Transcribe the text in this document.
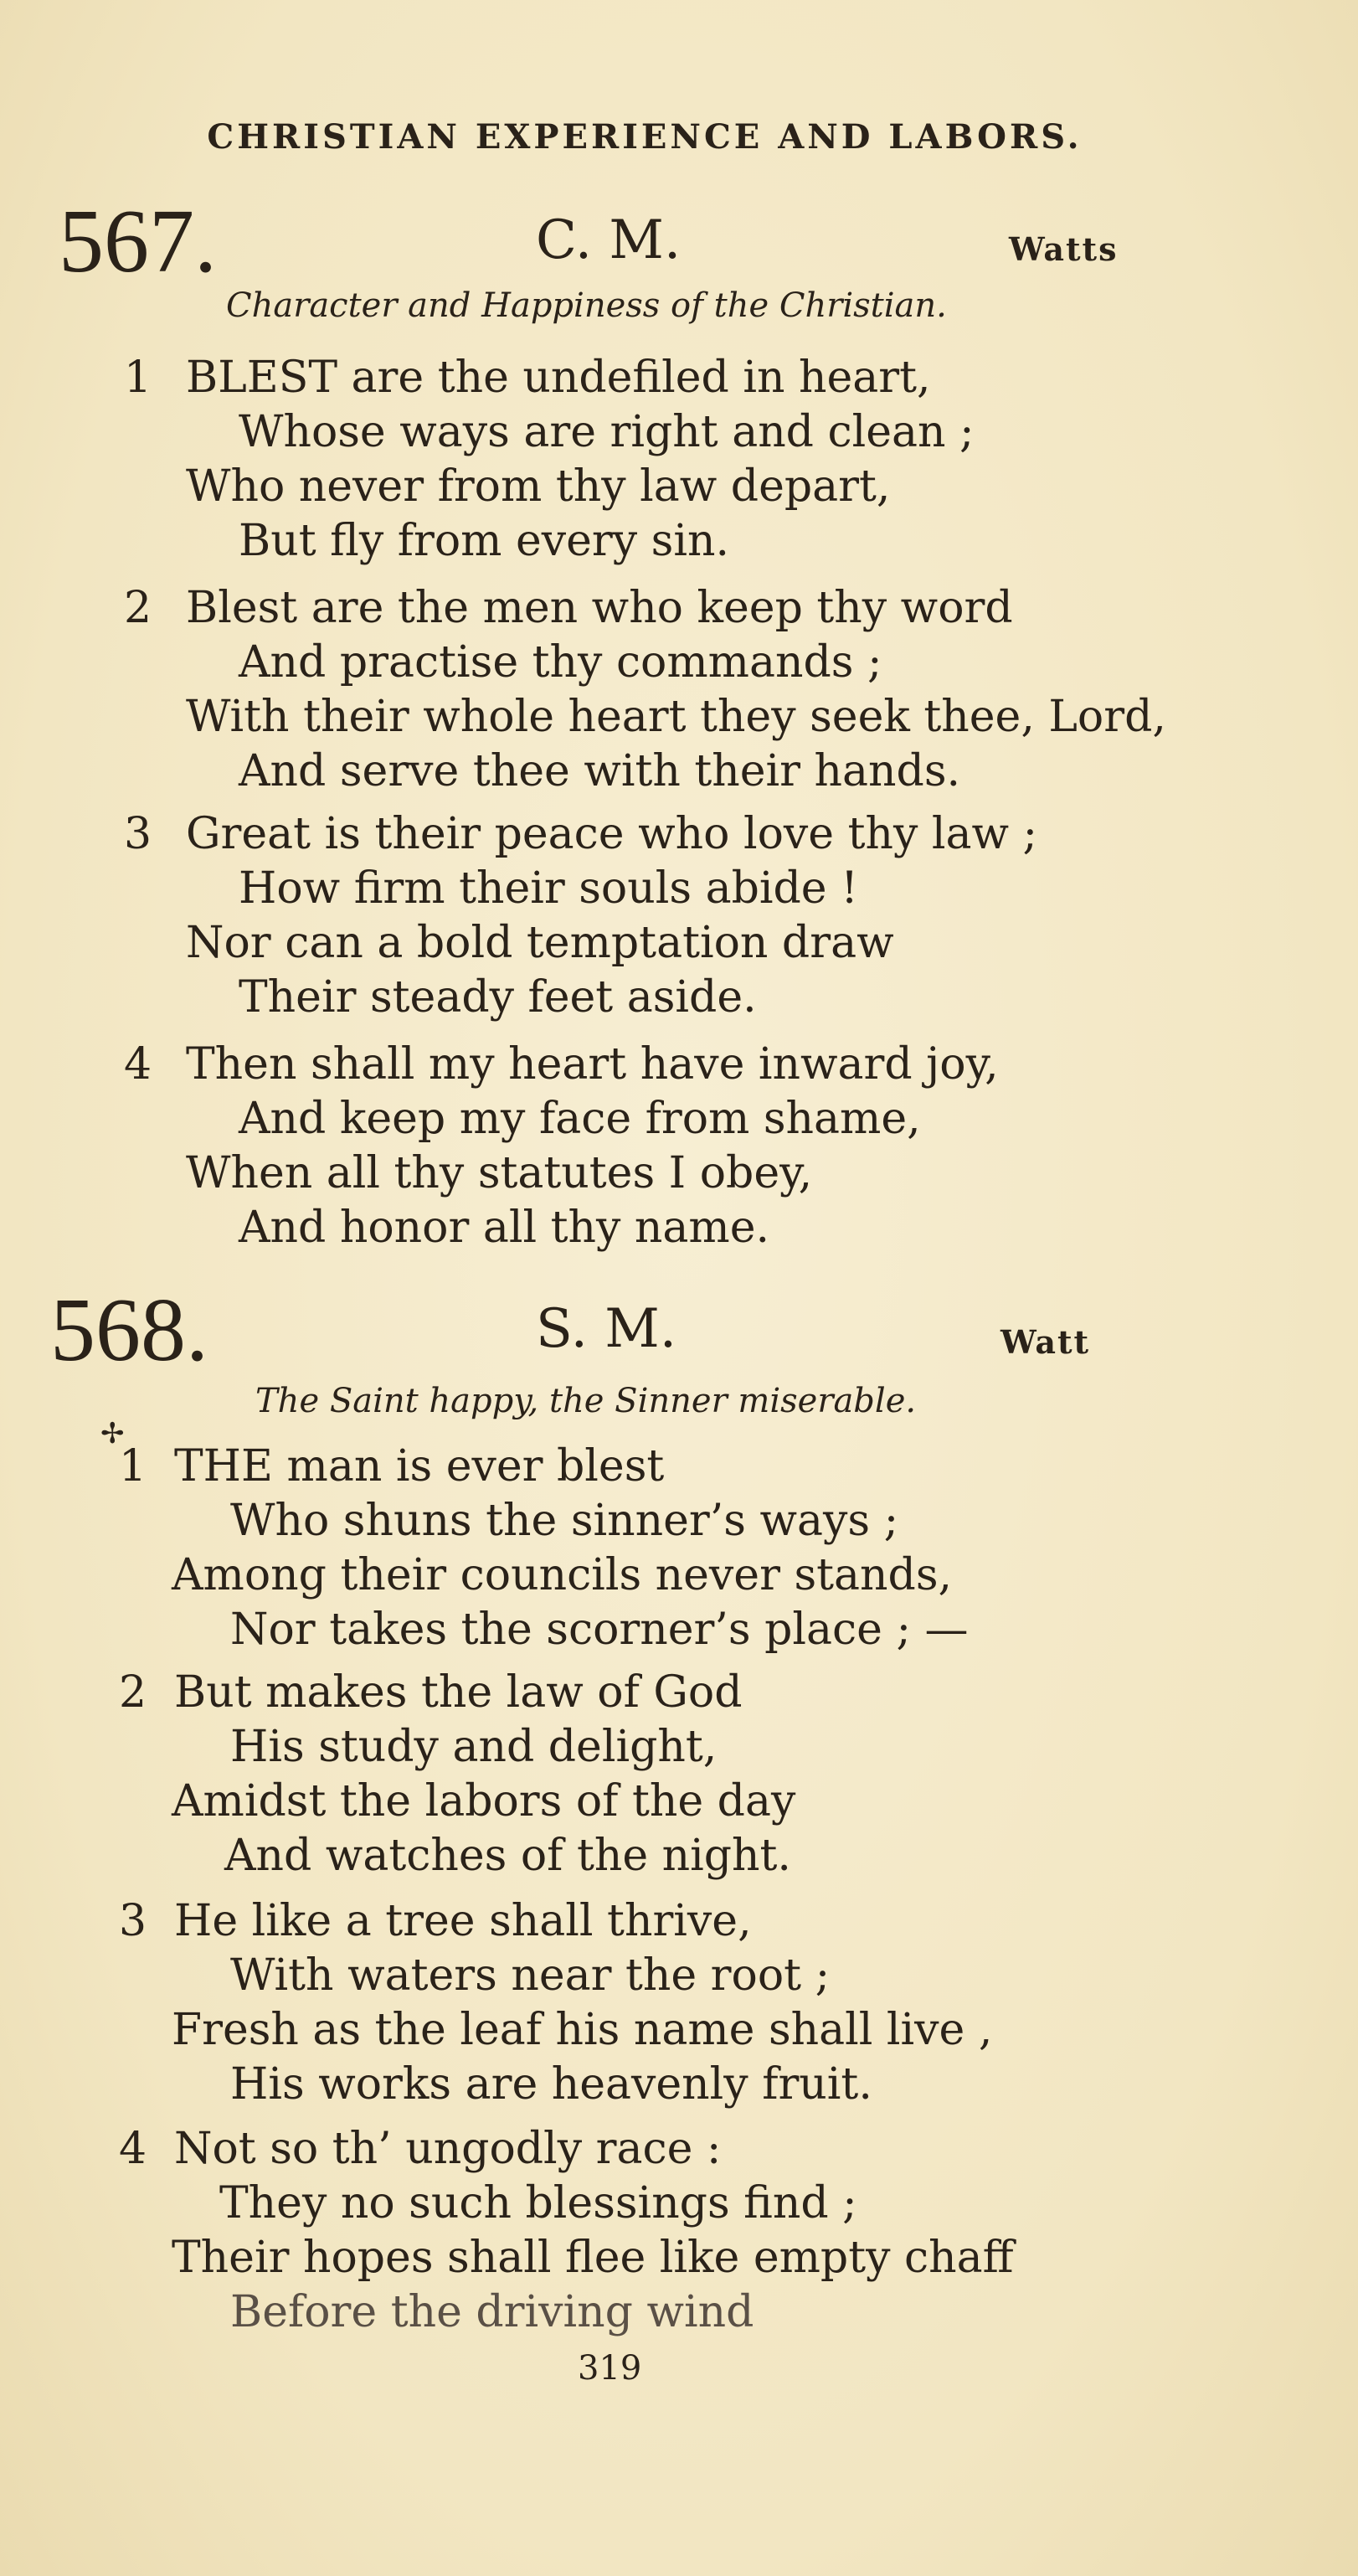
CHRISTIAN EXPERIENCE AND LABORS.
567.	C. M.	Watts
Character and Happiness of the Christian.
1 BLEST are the undefiled in heart,
Whose ways are right and clean ;
Who never from thy law depart,
But fly from every sin.
2 Blest are the men who keep thy word
And practise thy commands ;
With their whole heart they seek thee, Lord,
And serve thee with their hands.
3 Great is their peace who love thy law ;
How firm their souls abide !
Nor can a bold temptation draw
Their steady feet aside.
4 Then shall my heart have inward joy,
And keep my face from shame,
When all thy statutes I obey,
And honor all thy name.
568.	S. M.	Watt
The Saint happy, the Sinner miserable.
✢
1 THE man is ever blest
Who shuns the sinner’s ways ;
Among their councils never stands,
Nor takes the scorner’s place ; —
2 But makes the law of God
His study and delight,
Amidst the labors of the day
And watches of the night.
3 He like a tree shall thrive,
With waters near the root ;
Fresh as the leaf his name shall live ,
His works are heavenly fruit.
4 Not so th’ ungodly race :
They no such blessings find ;
Their hopes shall flee like empty chaff
Before the driving wind
319
